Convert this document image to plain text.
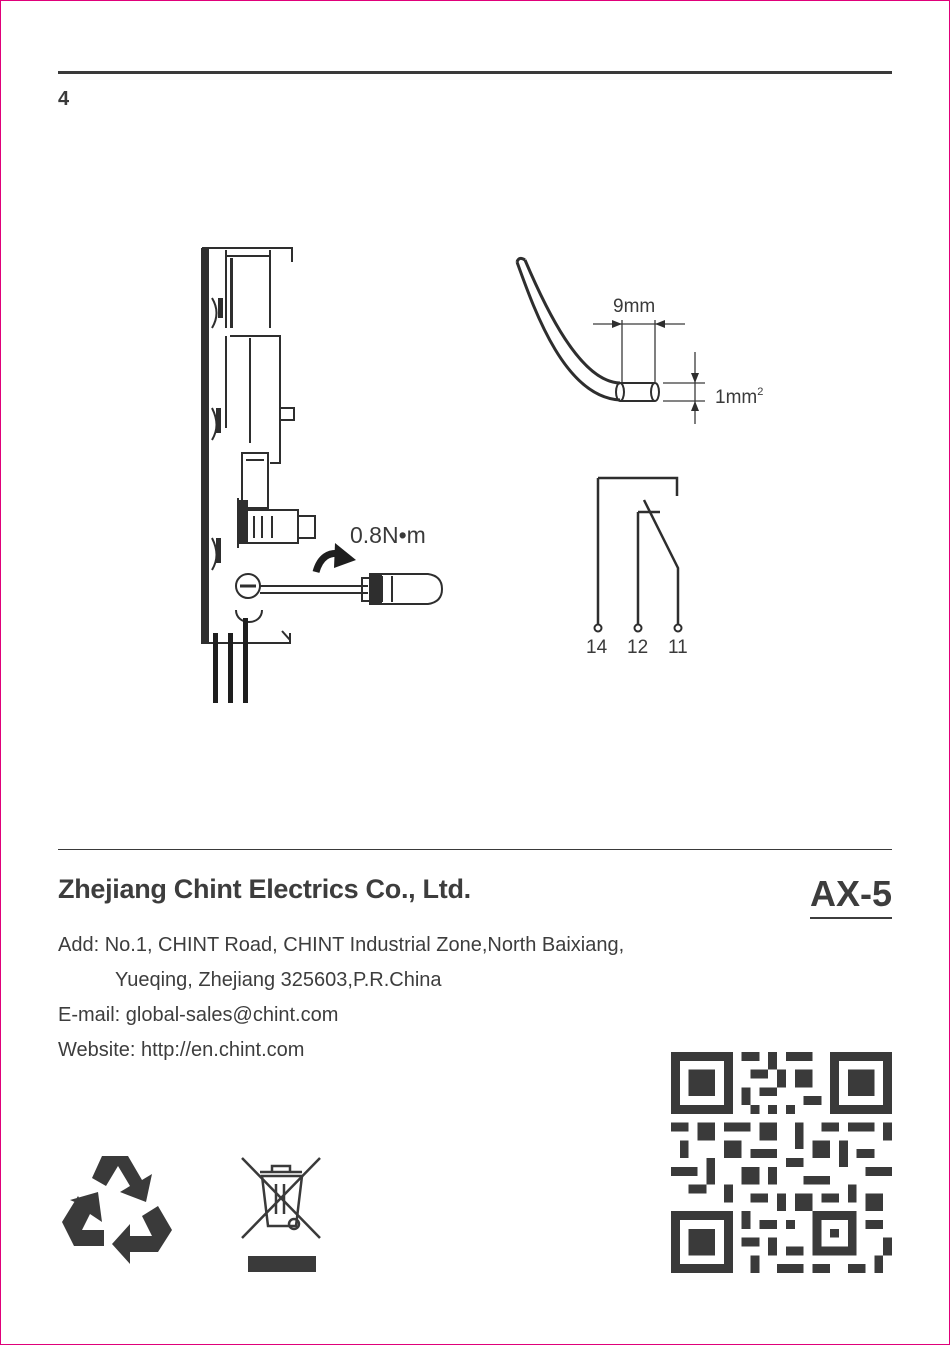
4
0.8N•m
9mm
$1mm^2$
14 12 11
Zhejiang Chint Electrics Co., Ltd.	AX-5
Add: No.1, CHINT Road, CHINT Industrial Zone,North Baixiang,
Yueqing, Zhejiang 325603,P.R.China
E-mail: global-sales@chint.com
Website: http://en.chint.com
